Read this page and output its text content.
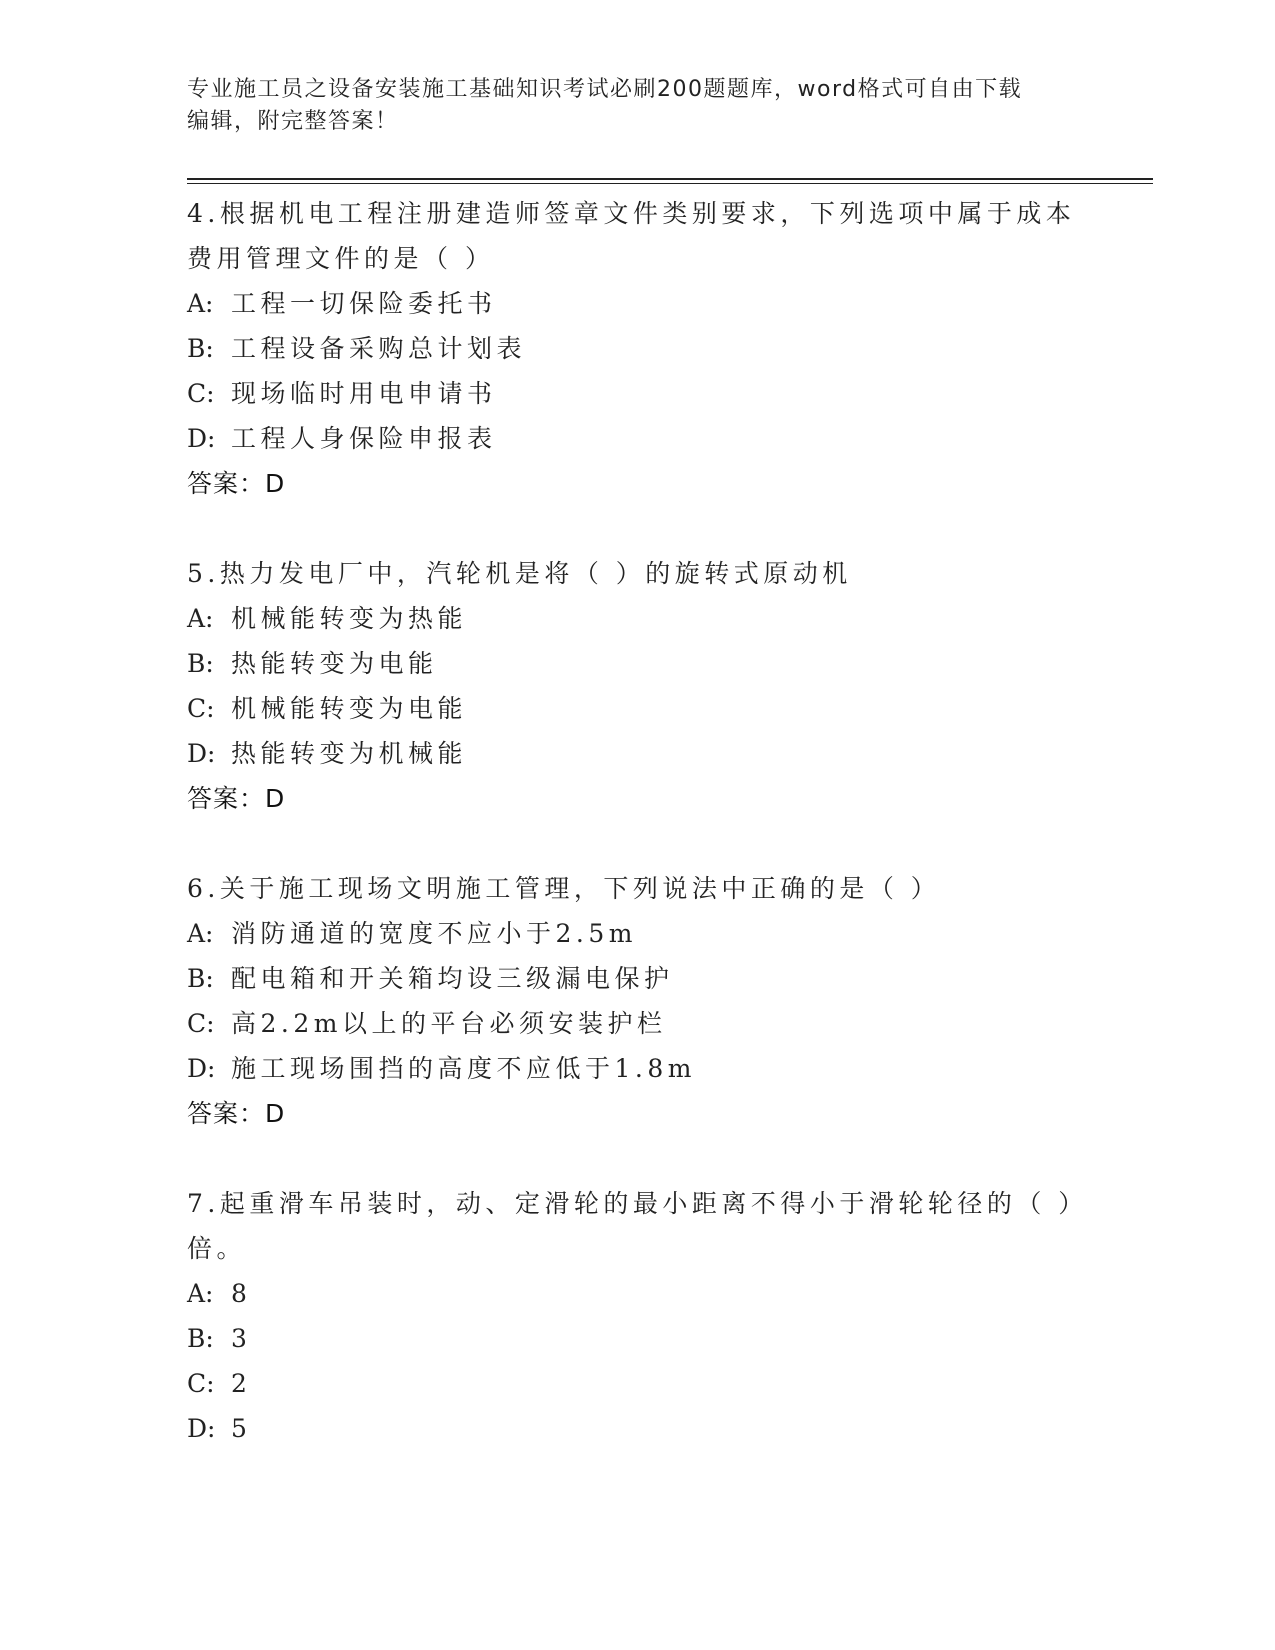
专业施工员之设备安装施工基础知识考试必刷200题题库，word格式可自由下载
编辑，附完整答案！
4.根据机电工程注册建造师签章文件类别要求，下列选项中属于成本
费用管理文件的是（ ）
A: 工程一切保险委托书
B: 工程设备采购总计划表
C: 现场临时用电申请书
D: 工程人身保险申报表
答案：D
5.热力发电厂中，汽轮机是将（ ）的旋转式原动机
A: 机械能转变为热能
B: 热能转变为电能
C: 机械能转变为电能
D: 热能转变为机械能
答案：D
6.关于施工现场文明施工管理，下列说法中正确的是（ ）
A: 消防通道的宽度不应小于2.5m
B: 配电箱和开关箱均设三级漏电保护
C: 高2.2m以上的平台必须安装护栏
D: 施工现场围挡的高度不应低于1.8m
答案：D
7.起重滑车吊装时，动、定滑轮的最小距离不得小于滑轮轮径的（ ）
倍。
A: 8
B: 3
C: 2
D: 5
